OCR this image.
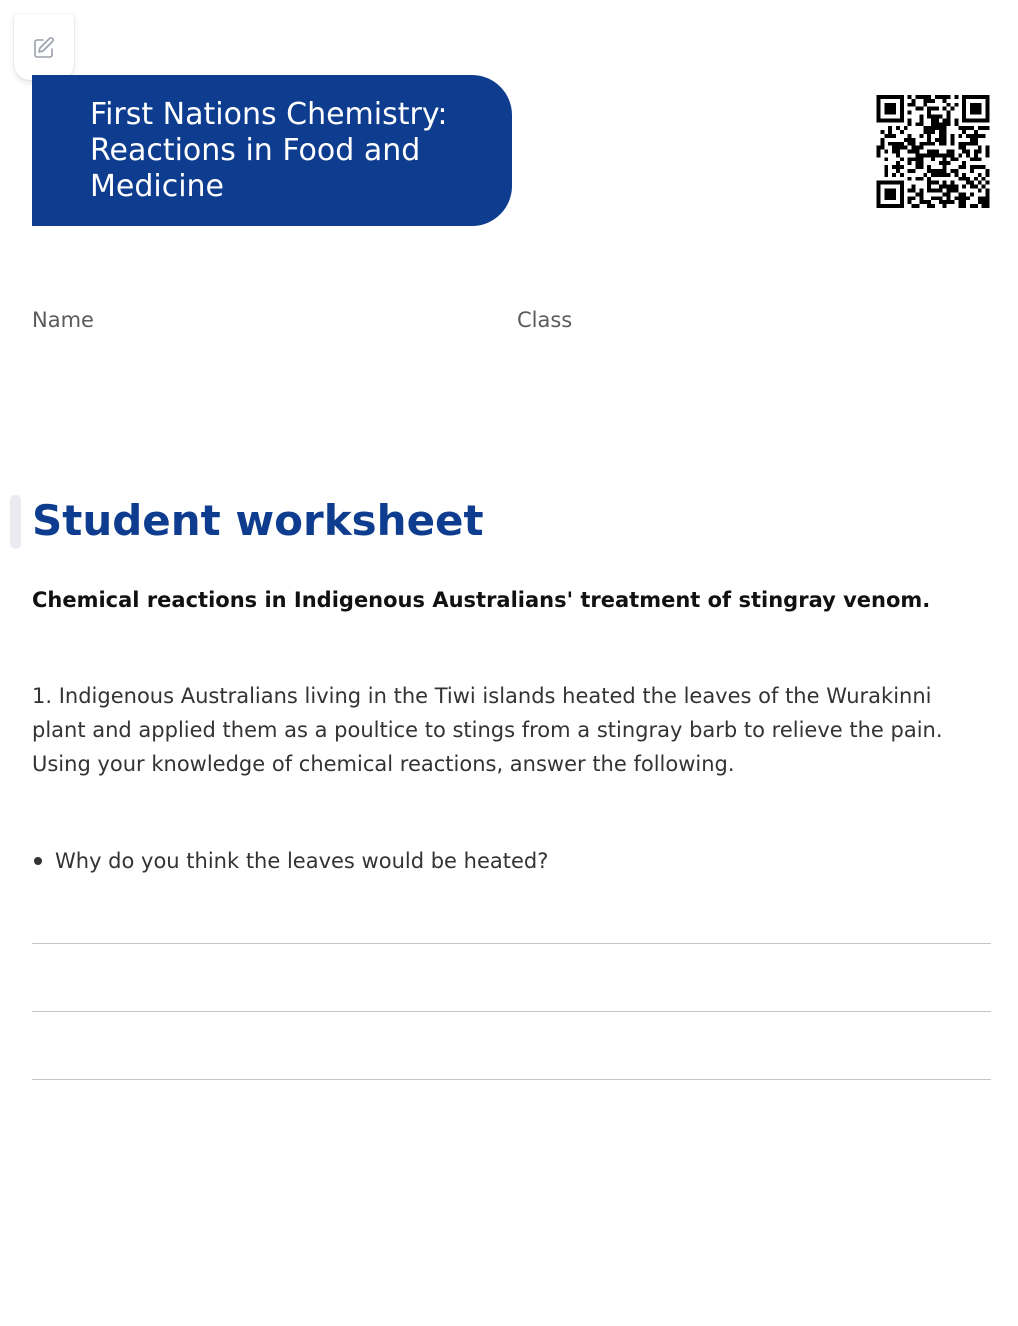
First Nations Chemistry: Reactions in Food and Medicine
Name	Class
Student worksheet

Chemical reactions in Indigenous Australians' treatment of stingray venom.

1. Indigenous Australians living in the Tiwi islands heated the leaves of the Wurakinni plant and applied them as a poultice to stings from a stingray barb to relieve the pain. Using your knowledge of chemical reactions, answer the following.

Why do you think the leaves would be heated?
